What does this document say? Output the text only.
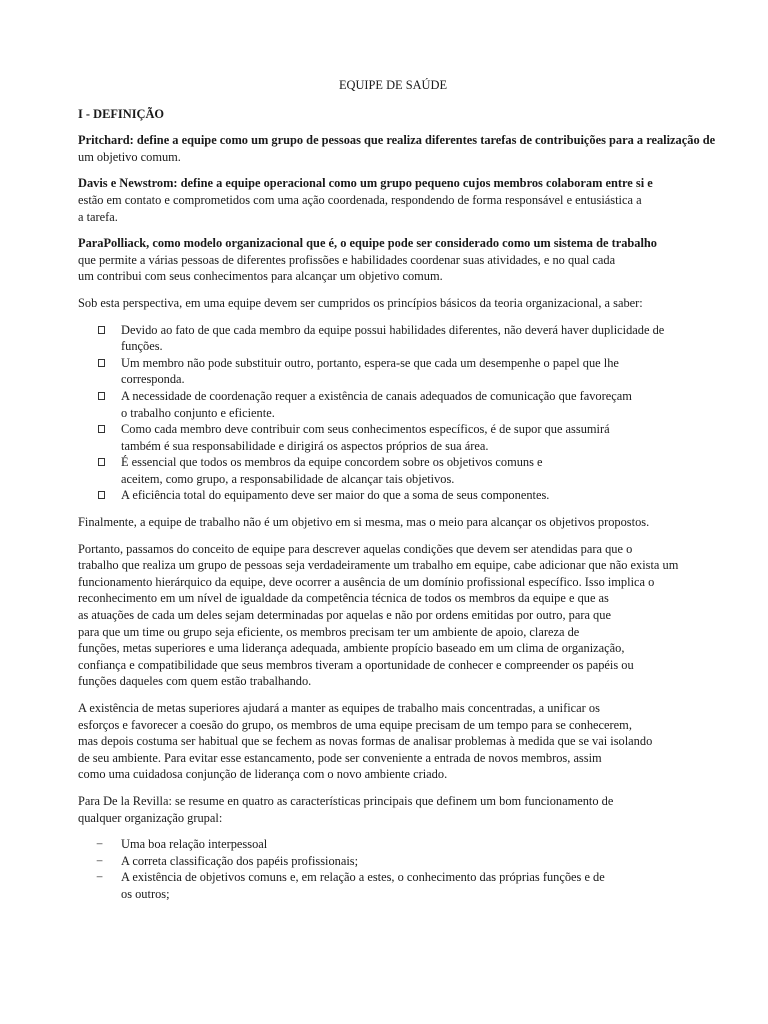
EQUIPE DE SAÚDE
I - DEFINIÇÃO

Pritchard: define a equipe como um grupo de pessoas que realiza diferentes tarefas de contribuições para a realização de
um objetivo comum.

Davis e Newstrom: define a equipe operacional como um grupo pequeno cujos membros colaboram entre si e
estão em contato e comprometidos com uma ação coordenada, respondendo de forma responsável e entusiástica a
a tarefa.

ParaPolliack, como modelo organizacional que é, o equipe pode ser considerado como um sistema de trabalho
que permite a várias pessoas de diferentes profissões e habilidades coordenar suas atividades, e no qual cada
um contribui com seus conhecimentos para alcançar um objetivo comum.

Sob esta perspectiva, em uma equipe devem ser cumpridos os princípios básicos da teoria organizacional, a saber:

Devido ao fato de que cada membro da equipe possui habilidades diferentes, não deverá haver duplicidade de
funções.
Um membro não pode substituir outro, portanto, espera-se que cada um desempenhe o papel que lhe
corresponda.
A necessidade de coordenação requer a existência de canais adequados de comunicação que favoreçam
o trabalho conjunto e eficiente.
Como cada membro deve contribuir com seus conhecimentos específicos, é de supor que assumirá
também é sua responsabilidade e dirigirá os aspectos próprios de sua área.
É essencial que todos os membros da equipe concordem sobre os objetivos comuns e
aceitem, como grupo, a responsabilidade de alcançar tais objetivos.
A eficiência total do equipamento deve ser maior do que a soma de seus componentes.

Finalmente, a equipe de trabalho não é um objetivo em si mesma, mas o meio para alcançar os objetivos propostos.

Portanto, passamos do conceito de equipe para descrever aquelas condições que devem ser atendidas para que o
trabalho que realiza um grupo de pessoas seja verdadeiramente um trabalho em equipe, cabe adicionar que não exista um
funcionamento hierárquico da equipe, deve ocorrer a ausência de um domínio profissional específico. Isso implica o
reconhecimento em um nível de igualdade da competência técnica de todos os membros da equipe e que as
as atuações de cada um deles sejam determinadas por aquelas e não por ordens emitidas por outro, para que
para que um time ou grupo seja eficiente, os membros precisam ter um ambiente de apoio, clareza de
funções, metas superiores e uma liderança adequada, ambiente propício baseado em um clima de organização,
confiança e compatibilidade que seus membros tiveram a oportunidade de conhecer e compreender os papéis ou
funções daqueles com quem estão trabalhando.

A existência de metas superiores ajudará a manter as equipes de trabalho mais concentradas, a unificar os
esforços e favorecer a coesão do grupo, os membros de uma equipe precisam de um tempo para se conhecerem,
mas depois costuma ser habitual que se fechem as novas formas de analisar problemas à medida que se vai isolando
de seu ambiente. Para evitar esse estancamento, pode ser conveniente a entrada de novos membros, assim
como uma cuidadosa conjunção de liderança com o novo ambiente criado.

Para De la Revilla: se resume en quatro as características principais que definem um bom funcionamento de
qualquer organização grupal:

− Uma boa relação interpessoal
− A correta classificação dos papéis profissionais;
− A existência de objetivos comuns e, em relação a estes, o conhecimento das próprias funções e de
os outros;
